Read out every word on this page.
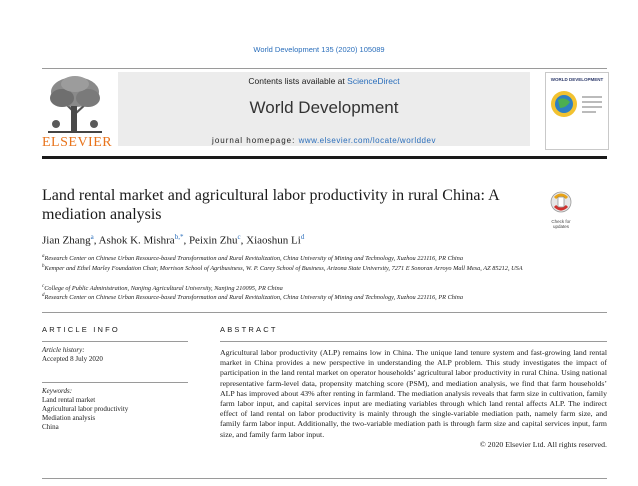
World Development 135 (2020) 105089
ELSEVIER
Contents lists available at ScienceDirect
World Development
journal homepage: www.elsevier.com/locate/worlddev
WORLD DEVELOPMENT
Land rental market and agricultural labor productivity in rural China: A mediation analysis	Check for updates
Jian Zhang$^a$, Ashok K. Mishra$^{b,*}$, Peixin Zhu$^c$, Xiaoshun Li$^d$
$^a$Research Center on Chinese Urban Resource-based Transformation and Rural Revitalization, China University of Mining and Technology, Xuzhou 221116, PR China
$^b$Kemper and Ethel Marley Foundation Chair, Morrison School of Agribusiness, W. P. Carey School of Business, Arizona State University, 7271 E Sonoran Arroyo Mall Mesa, AZ 85212, USA
$^c$College of Public Administration, Nanjing Agricultural University, Nanjing 210095, PR China
$^d$Research Center on Chinese Urban Resource-based Transformation and Rural Revitalization, China University of Mining and Technology, Xuzhou 221116, PR China
ARTICLE INFO
Article history:
Accepted 8 July 2020
Keywords:
Land rental market
Agricultural labor productivity
Mediation analysis
China
ABSTRACT
Agricultural labor productivity (ALP) remains low in China. The unique land tenure system and fast-growing land rental market in China provides a new perspective in understanding the ALP problem. This study investigates the impact of participation in the land rental market on operator households’ agricultural labor productivity in rural China. Using national representative farm-level data, propensity matching score (PSM), and mediation analysis, we find that farm households’ ALP has improved about 43% after renting in farmland. The mediation analysis reveals that farm size in cultivation, family farm labor input, and capital services input are mediating variables through which land rental affects ALP. The indirect effect of land rental on labor productivity is mainly through the single-variable mediation path, namely farm size, and family farm labor input. Additionally, the two-variable mediation path is through farm size and capital services input, farm size, and family farm labor input.
© 2020 Elsevier Ltd. All rights reserved.
